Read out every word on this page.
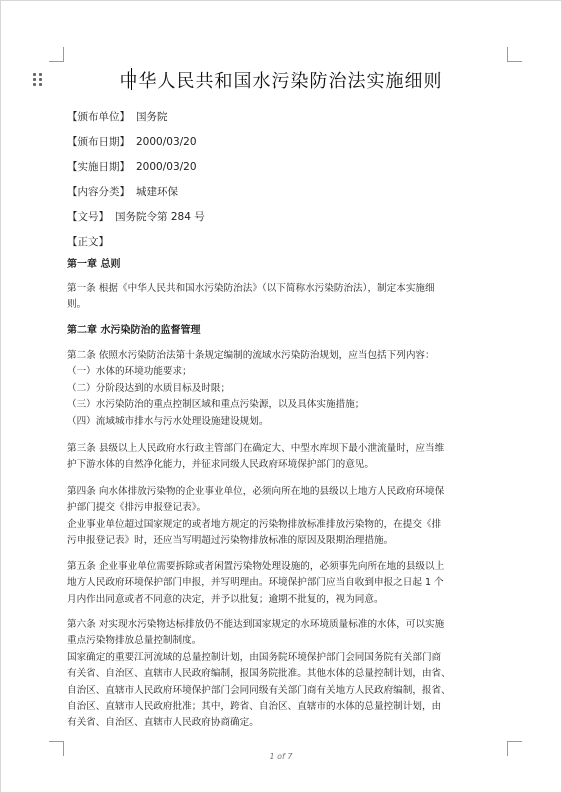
中华人民共和国水污染防治法实施细则
【颁布单位】 国务院
【颁布日期】 2000/03/20
【实施日期】 2000/03/20
【内容分类】 城建环保
【文号】 国务院令第 284 号
【正文】

第一章 总则

第一条 根据《中华人民共和国水污染防治法》（以下简称水污染防治法），制定本实施细

则。

第二章 水污染防治的监督管理

第二条 依照水污染防治法第十条规定编制的流域水污染防治规划，应当包括下列内容：

（一）水体的环境功能要求；

（二）分阶段达到的水质目标及时限；

（三）水污染防治的重点控制区域和重点污染源，以及具体实施措施；

（四）流域城市排水与污水处理设施建设规划。

第三条 县级以上人民政府水行政主管部门在确定大、中型水库坝下最小泄流量时，应当维

护下游水体的自然净化能力，并征求同级人民政府环境保护部门的意见。

第四条 向水体排放污染物的企业事业单位，必须向所在地的县级以上地方人民政府环境保

护部门提交《排污申报登记表》。

企业事业单位超过国家规定的或者地方规定的污染物排放标准排放污染物的，在提交《排

污申报登记表》时，还应当写明超过污染物排放标准的原因及限期治理措施。

第五条 企业事业单位需要拆除或者闲置污染物处理设施的，必须事先向所在地的县级以上

地方人民政府环境保护部门申报，并写明理由。环境保护部门应当自收到申报之日起 1 个

月内作出同意或者不同意的决定，并予以批复；逾期不批复的，视为同意。

第六条 对实现水污染物达标排放仍不能达到国家规定的水环境质量标准的水体，可以实施

重点污染物排放总量控制制度。

国家确定的重要江河流域的总量控制计划，由国务院环境保护部门会同国务院有关部门商

有关省、自治区、直辖市人民政府编制，报国务院批准。其他水体的总量控制计划，由省、

自治区、直辖市人民政府环境保护部门会同同级有关部门商有关地方人民政府编制，报省、

自治区、直辖市人民政府批准；其中，跨省、自治区、直辖市的水体的总量控制计划，由

有关省、自治区、直辖市人民政府协商确定。

1 of 7
